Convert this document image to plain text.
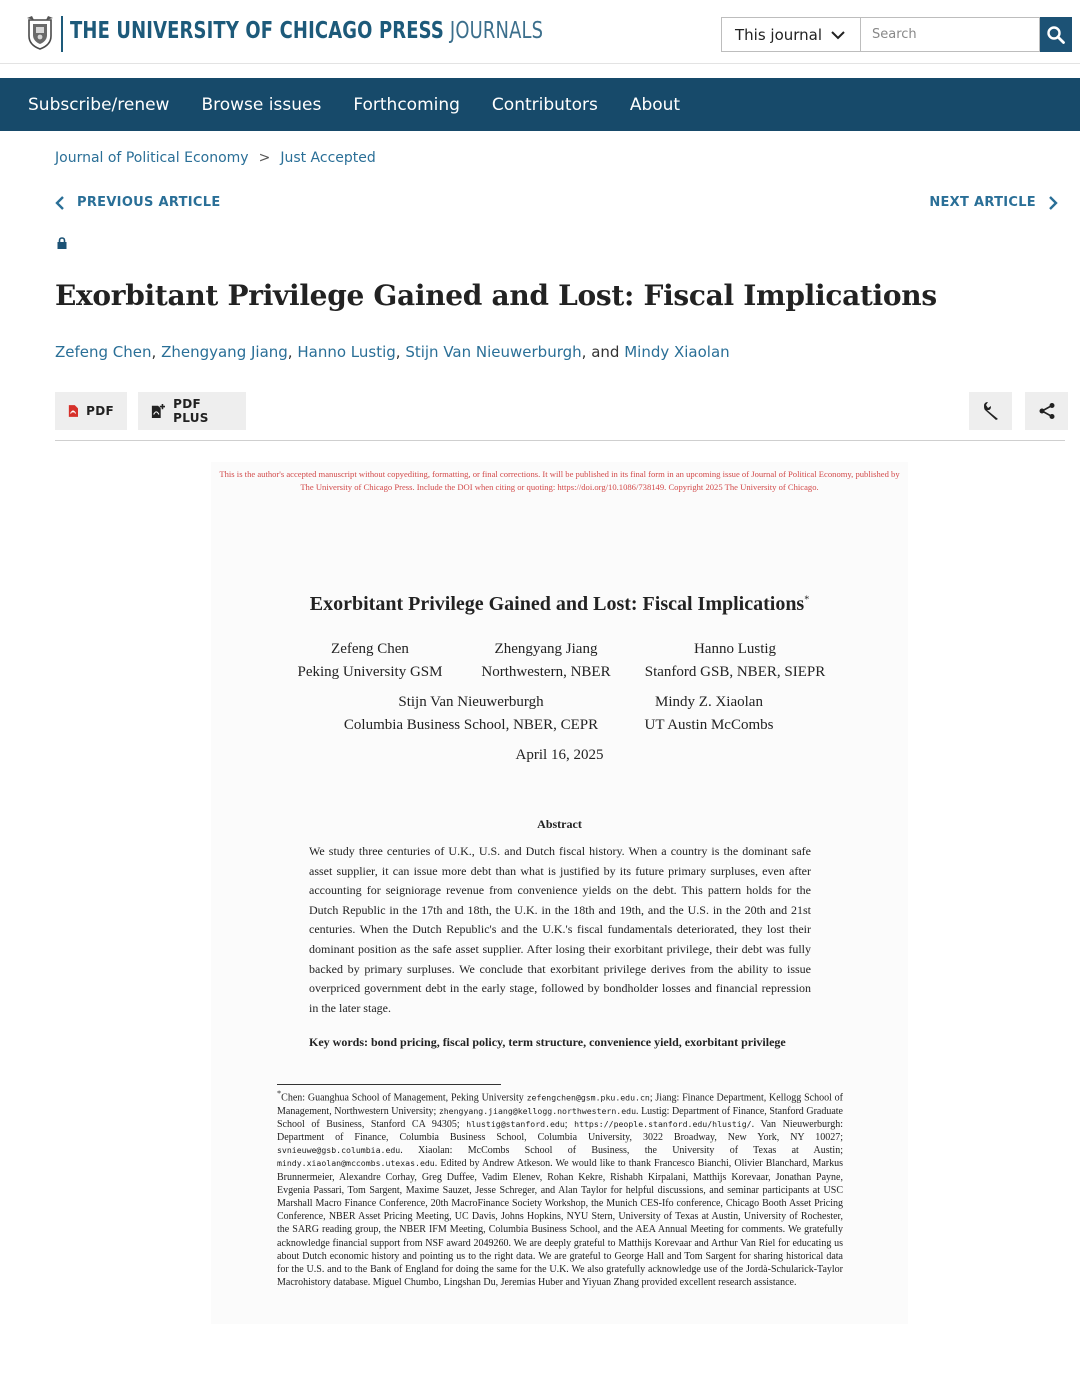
THE UNIVERSITY OF CHICAGO PRESS JOURNALS	This journal
Search
Subscribe/renew Browse issues Forthcoming Contributors About
Journal of Political Economy > Just Accepted
PREVIOUS ARTICLE	NEXT ARTICLE
Exorbitant Privilege Gained and Lost: Fiscal Implications
Zefeng Chen, Zhengyang Jiang, Hanno Lustig, Stijn Van Nieuwerburgh, and Mindy Xiaolan
PDF	PDF PLUS
This is the author's accepted manuscript without copyediting, formatting, or final corrections. It will be published in its final form in an upcoming issue of Journal of Political Economy, published by The University of Chicago Press. Include the DOI when citing or quoting: https://doi.org/10.1086/738149. Copyright 2025 The University of Chicago.
Exorbitant Privilege Gained and Lost: Fiscal Implications*
Zefeng Chen
Peking University GSM
Zhengyang Jiang
Northwestern, NBER
Hanno Lustig
Stanford GSB, NBER, SIEPR
Stijn Van Nieuwerburgh
Columbia Business School, NBER, CEPR
Mindy Z. Xiaolan
UT Austin McCombs
April 16, 2025
Abstract
We study three centuries of U.K., U.S. and Dutch fiscal history. When a country is the dominant safe asset supplier, it can issue more debt than what is justified by its future primary surpluses, even after accounting for seigniorage revenue from convenience yields on the debt. This pattern holds for the Dutch Republic in the 17th and 18th, the U.K. in the 18th and 19th, and the U.S. in the 20th and 21st centuries. When the Dutch Republic's and the U.K.'s fiscal fundamentals deteriorated, they lost their dominant position as the safe asset supplier. After losing their exorbitant privilege, their debt was fully backed by primary surpluses. We conclude that exorbitant privilege derives from the ability to issue overpriced government debt in the early stage, followed by bondholder losses and financial repression in the later stage.
Key words: bond pricing, fiscal policy, term structure, convenience yield, exorbitant privilege
*Chen: Guanghua School of Management, Peking University zefengchen@gsm.pku.edu.cn; Jiang: Finance Department, Kellogg School of Management, Northwestern University; zhengyang.jiang@kellogg.northwestern.edu. Lustig: Department of Finance, Stanford Graduate School of Business, Stanford CA 94305; hlustig@stanford.edu; https://people.stanford.edu/hlustig/. Van Nieuwerburgh: Department of Finance, Columbia Business School, Columbia University, 3022 Broadway, New York, NY 10027; svnieuwe@gsb.columbia.edu. Xiaolan: McCombs School of Business, the University of Texas at Austin; mindy.xiaolan@mccombs.utexas.edu. Edited by Andrew Atkeson. We would like to thank Francesco Bianchi, Olivier Blanchard, Markus Brunnermeier, Alexandre Corhay, Greg Duffee, Vadim Elenev, Rohan Kekre, Rishabh Kirpalani, Matthijs Korevaar, Jonathan Payne, Evgenia Passari, Tom Sargent, Maxime Sauzet, Jesse Schreger, and Alan Taylor for helpful discussions, and seminar participants at USC Marshall Macro Finance Conference, 20th MacroFinance Society Workshop, the Munich CES-Ifo conference, Chicago Booth Asset Pricing Conference, NBER Asset Pricing Meeting, UC Davis, Johns Hopkins, NYU Stern, University of Texas at Austin, University of Rochester, the SARG reading group, the NBER IFM Meeting, Columbia Business School, and the AEA Annual Meeting for comments. We gratefully acknowledge financial support from NSF award 2049260. We are deeply grateful to Matthijs Korevaar and Arthur Van Riel for educating us about Dutch economic history and pointing us to the right data. We are grateful to George Hall and Tom Sargent for sharing historical data for the U.S. and to the Bank of England for doing the same for the U.K. We also gratefully acknowledge use of the Jordà-Schularick-Taylor Macrohistory database. Miguel Chumbo, Lingshan Du, Jeremias Huber and Yiyuan Zhang provided excellent research assistance.
